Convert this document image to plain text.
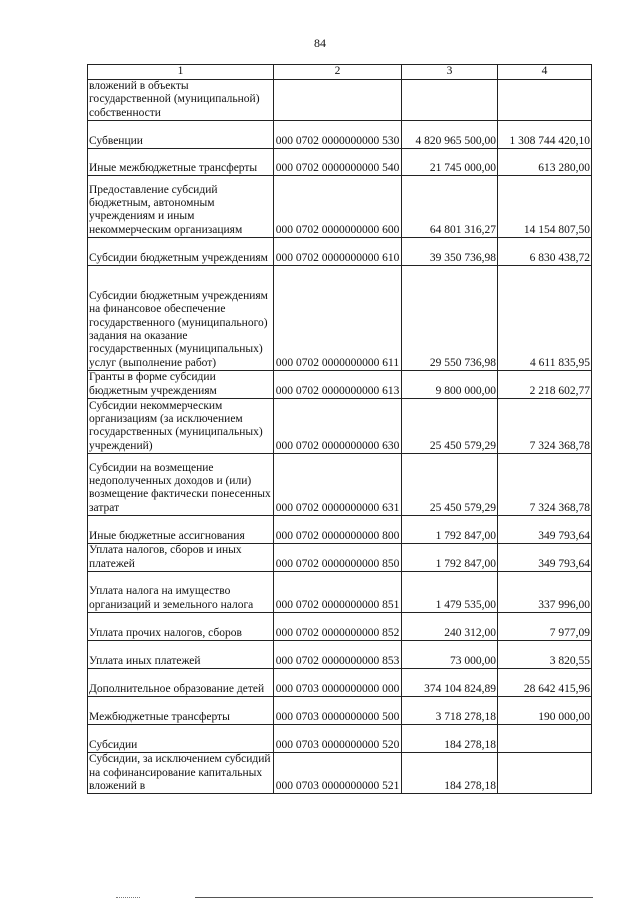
84
1	2	3	4
вложений в объекты государственной (муниципальной) собственности			
Субвенции	000 0702 0000000000 530	4 820 965 500,00	1 308 744 420,10
Иные межбюджетные трансферты	000 0702 0000000000 540	21 745 000,00	613 280,00
Предоставление субсидий бюджетным, автономным учреждениям и иным некоммерческим организациям	000 0702 0000000000 600	64 801 316,27	14 154 807,50
Субсидии бюджетным учреждениям	000 0702 0000000000 610	39 350 736,98	6 830 438,72
Субсидии бюджетным учреждениям на финансовое обеспечение государственного (муниципального) задания на оказание государственных (муниципальных) услуг (выполнение работ)	000 0702 0000000000 611	29 550 736,98	4 611 835,95
Гранты в форме субсидии бюджетным учреждениям	000 0702 0000000000 613	9 800 000,00	2 218 602,77
Субсидии некоммерческим организациям (за исключением государственных (муниципальных) учреждений)	000 0702 0000000000 630	25 450 579,29	7 324 368,78
Субсидии на возмещение недополученных доходов и (или) возмещение фактически понесенных затрат	000 0702 0000000000 631	25 450 579,29	7 324 368,78
Иные бюджетные ассигнования	000 0702 0000000000 800	1 792 847,00	349 793,64
Уплата налогов, сборов и иных платежей	000 0702 0000000000 850	1 792 847,00	349 793,64
Уплата налога на имущество организаций и земельного налога	000 0702 0000000000 851	1 479 535,00	337 996,00
Уплата прочих налогов, сборов	000 0702 0000000000 852	240 312,00	7 977,09
Уплата иных платежей	000 0702 0000000000 853	73 000,00	3 820,55
Дополнительное образование детей	000 0703 0000000000 000	374 104 824,89	28 642 415,96
Межбюджетные трансферты	000 0703 0000000000 500	3 718 278,18	190 000,00
Субсидии	000 0703 0000000000 520	184 278,18	
Субсидии, за исключением субсидий на софинансирование капитальных вложений в	000 0703 0000000000 521	184 278,18	
